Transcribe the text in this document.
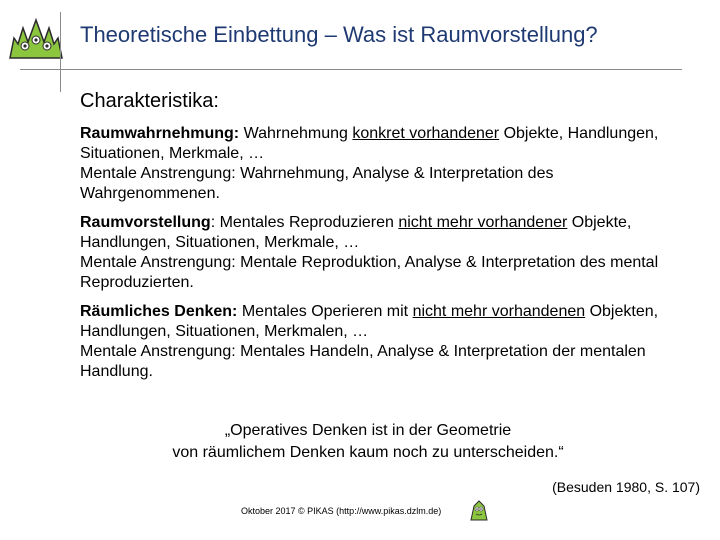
Theoretische Einbettung – Was ist Raumvorstellung?
Charakteristika:
Raumwahrnehmung: Wahrnehmung konkret vorhandener Objekte, Handlungen, Situationen, Merkmale, …
Mentale Anstrengung: Wahrnehmung, Analyse & Interpretation des Wahrgenommenen.
Raumvorstellung: Mentales Reproduzieren nicht mehr vorhandener Objekte, Handlungen, Situationen, Merkmale, …
Mentale Anstrengung: Mentale Reproduktion, Analyse & Interpretation des mental Reproduzierten.
Räumliches Denken: Mentales Operieren mit nicht mehr vorhandenen Objekten, Handlungen, Situationen, Merkmalen, …
Mentale Anstrengung: Mentales Handeln, Analyse & Interpretation der mentalen Handlung.
„Operatives Denken ist in der Geometrie
von räumlichem Denken kaum noch zu unterscheiden.“
(Besuden 1980, S. 107)
Oktober 2017 © PIKAS (http://www.pikas.dzlm.de)
